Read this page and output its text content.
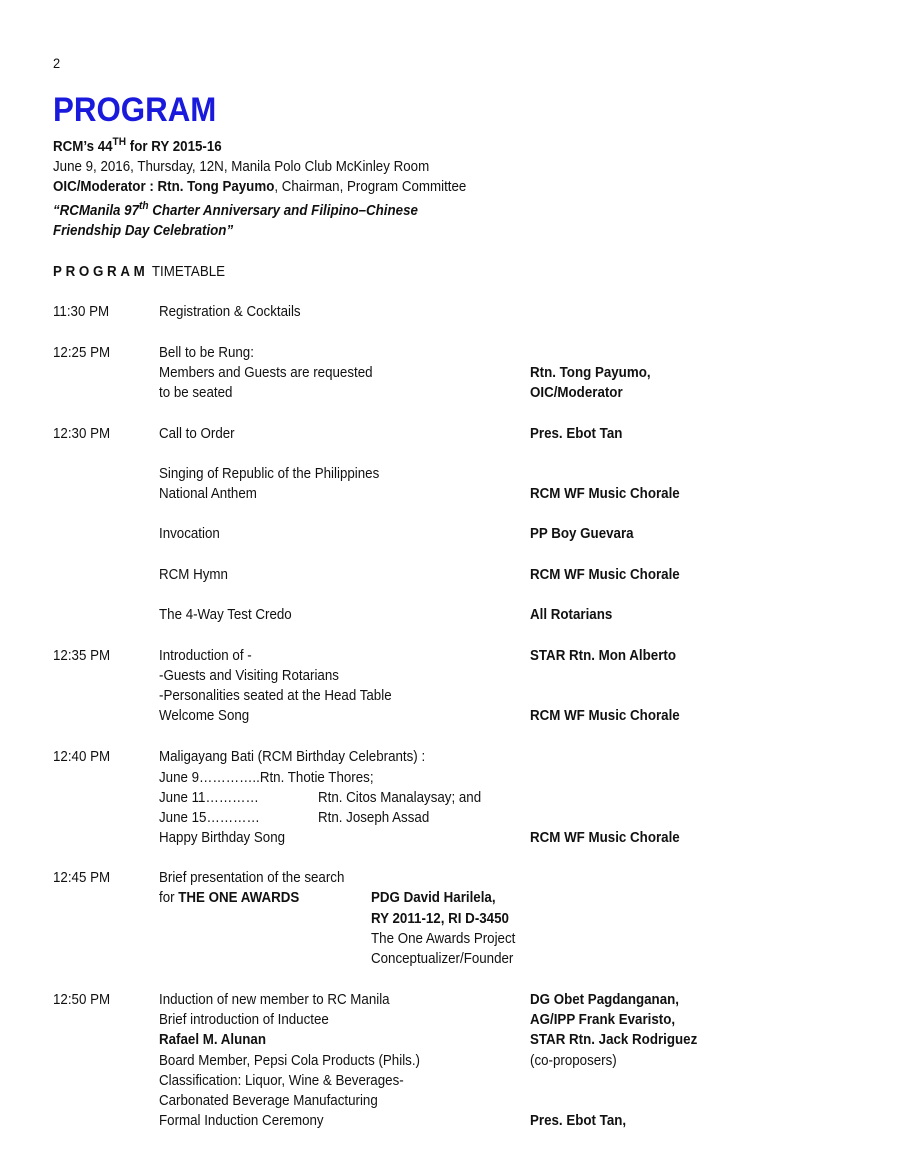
2
PROGRAM
RCM’s 44TH for RY 2015-16
June 9, 2016, Thursday, 12N, Manila Polo Club McKinley Room
OIC/Moderator : Rtn. Tong Payumo, Chairman, Program Committee
“RCManila 97th Charter Anniversary and Filipino–Chinese
Friendship Day Celebration”
PROGRAM TIMETABLE
11:30 PM	Registration & Cocktails
12:25 PM	Bell to be Rung:
Members and Guests are requested	Rtn. Tong Payumo,
to be seated	OIC/Moderator
12:30 PM	Call to Order	Pres. Ebot Tan
Singing of Republic of the Philippines
National Anthem	RCM WF Music Chorale
Invocation	PP Boy Guevara
RCM Hymn	RCM WF Music Chorale
The 4-Way Test Credo	All Rotarians
12:35 PM	Introduction of -	STAR Rtn. Mon Alberto
-Guests and Visiting Rotarians
-Personalities seated at the Head Table
Welcome Song	RCM WF Music Chorale
12:40 PM	Maligayang Bati (RCM Birthday Celebrants) :
June 9…………..Rtn. Thotie Thores;
June 11…………	Rtn. Citos Manalaysay; and
June 15…………	Rtn. Joseph Assad
Happy Birthday Song	RCM WF Music Chorale
12:45 PM	Brief presentation of the search
for THE ONE AWARDS	PDG David Harilela,
RY 2011-12, RI D-3450
The One Awards Project
Conceptualizer/Founder
12:50 PM	Induction of new member to RC Manila	DG Obet Pagdanganan,
Brief introduction of Inductee	AG/IPP Frank Evaristo,
Rafael M. Alunan	STAR Rtn. Jack Rodriguez
Board Member, Pepsi Cola Products (Phils.)	(co-proposers)
Classification: Liquor, Wine & Beverages-
Carbonated Beverage Manufacturing
Formal Induction Ceremony	Pres. Ebot Tan,
